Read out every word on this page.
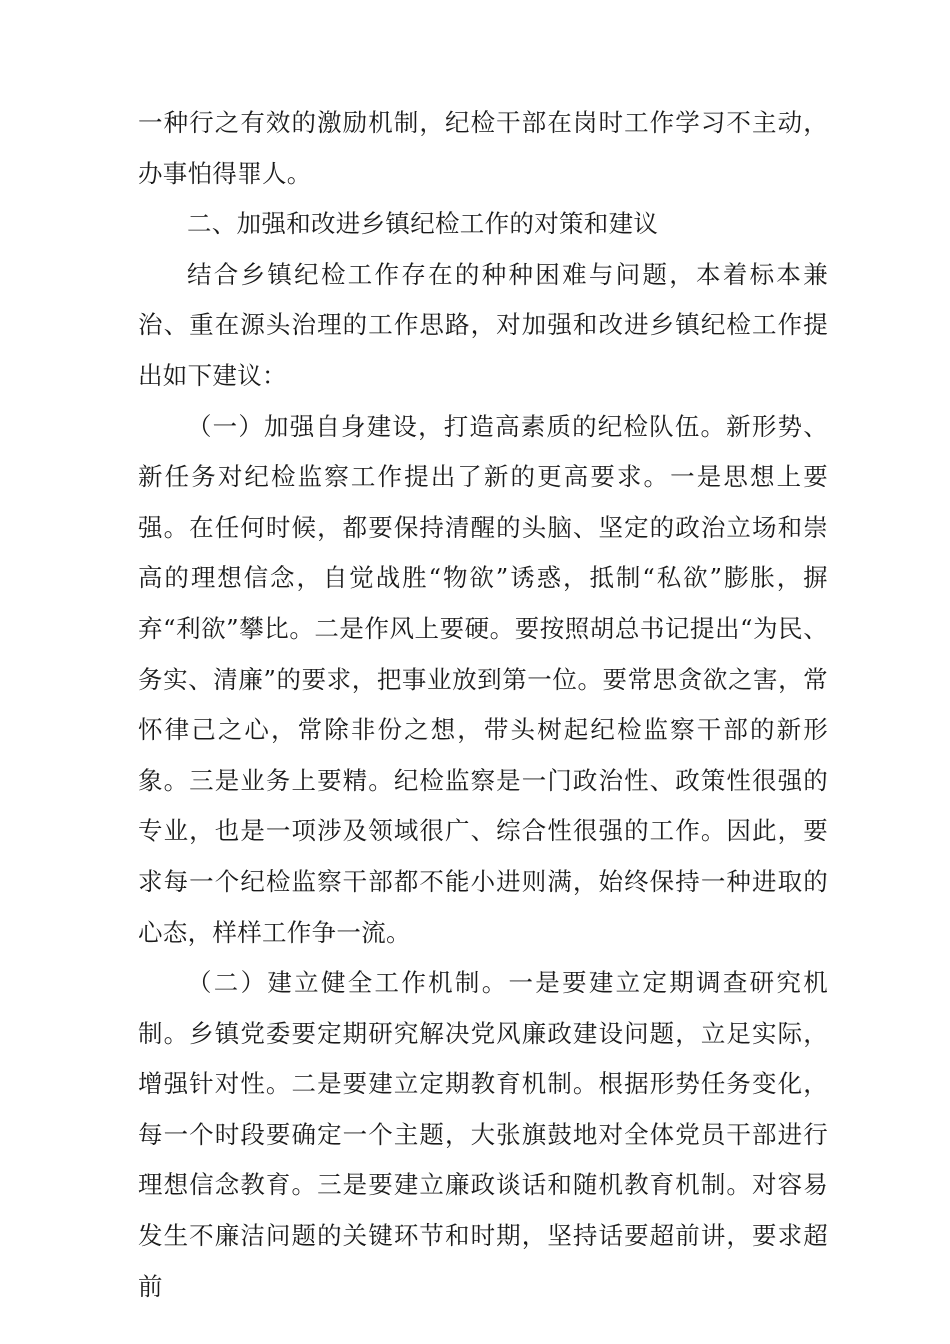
一种行之有效的激励机制，纪检干部在岗时工作学习不主动，办事怕得罪人。

二、加强和改进乡镇纪检工作的对策和建议

结合乡镇纪检工作存在的种种困难与问题，本着标本兼治、重在源头治理的工作思路，对加强和改进乡镇纪检工作提出如下建议：

（一）加强自身建设，打造高素质的纪检队伍。新形势、新任务对纪检监察工作提出了新的更高要求。一是思想上要强。在任何时候，都要保持清醒的头脑、坚定的政治立场和崇高的理想信念，自觉战胜“物欲”诱惑，抵制“私欲”膨胀，摒弃“利欲”攀比。二是作风上要硬。要按照胡总书记提出“为民、务实、清廉”的要求，把事业放到第一位。要常思贪欲之害，常怀律己之心，常除非份之想，带头树起纪检监察干部的新形象。三是业务上要精。纪检监察是一门政治性、政策性很强的专业，也是一项涉及领域很广、综合性很强的工作。因此，要求每一个纪检监察干部都不能小进则满，始终保持一种进取的心态，样样工作争一流。

（二）建立健全工作机制。一是要建立定期调查研究机制。乡镇党委要定期研究解决党风廉政建设问题，立足实际，增强针对性。二是要建立定期教育机制。根据形势任务变化，每一个时段要确定一个主题，大张旗鼓地对全体党员干部进行理想信念教育。三是要建立廉政谈话和随机教育机制。对容易发生不廉洁问题的关键环节和时期，坚持话要超前讲，要求超前
